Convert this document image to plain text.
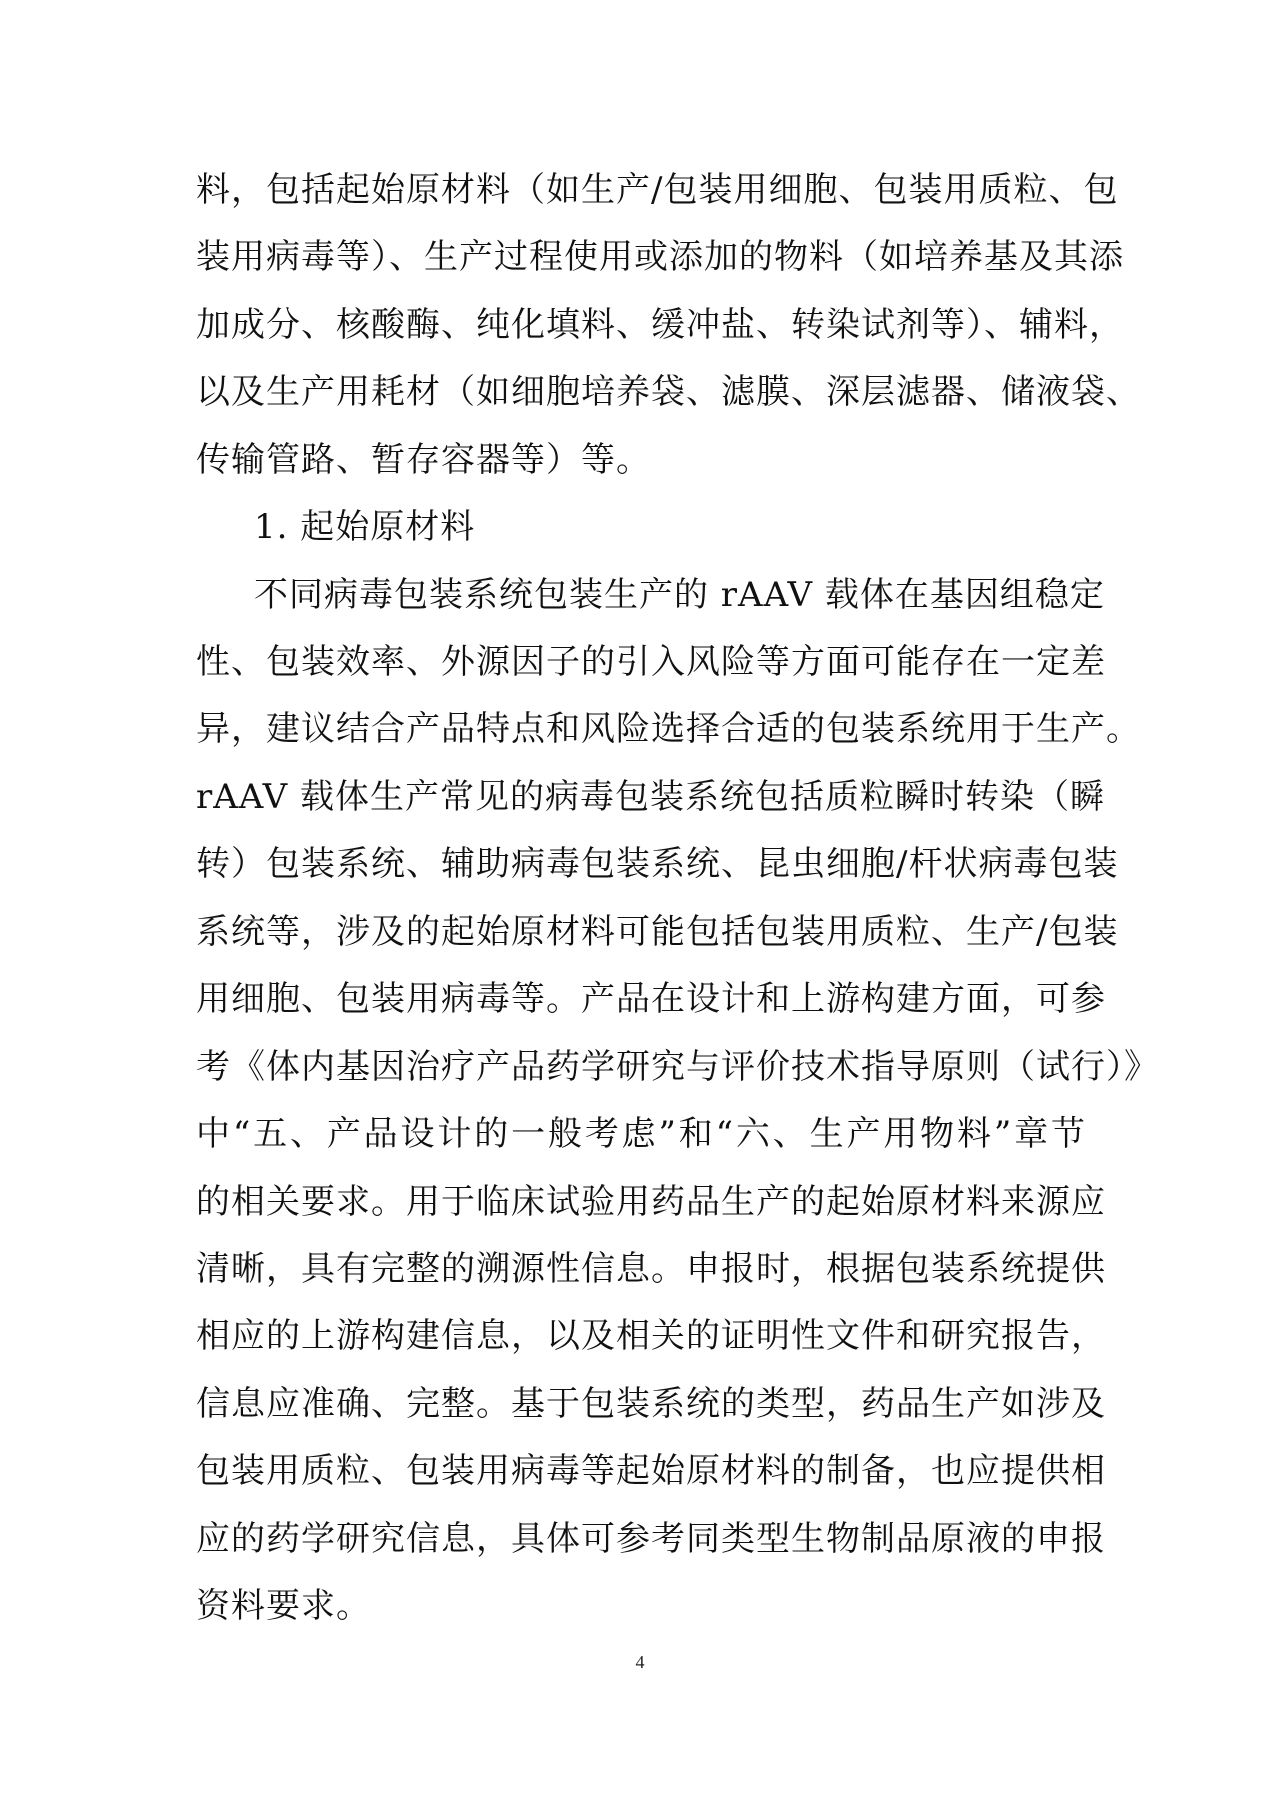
料，包括起始原材料（如生产/包装用细胞、包装用质粒、包
装用病毒等）、生产过程使用或添加的物料（如培养基及其添
加成分、核酸酶、纯化填料、缓冲盐、转染试剂等）、辅料，
以及生产用耗材（如细胞培养袋、滤膜、深层滤器、储液袋、
传输管路、暂存容器等）等。
1. 起始原材料
不同病毒包装系统包装生产的 rAAV 载体在基因组稳定
性、包装效率、外源因子的引入风险等方面可能存在一定差
异，建议结合产品特点和风险选择合适的包装系统用于生产。
rAAV 载体生产常见的病毒包装系统包括质粒瞬时转染（瞬
转）包装系统、辅助病毒包装系统、昆虫细胞/杆状病毒包装
系统等，涉及的起始原材料可能包括包装用质粒、生产/包装
用细胞、包装用病毒等。产品在设计和上游构建方面，可参
考《体内基因治疗产品药学研究与评价技术指导原则（试行）》
中“五、产品设计的一般考虑”和“六、生产用物料”章节
的相关要求。用于临床试验用药品生产的起始原材料来源应
清晰，具有完整的溯源性信息。申报时，根据包装系统提供
相应的上游构建信息，以及相关的证明性文件和研究报告，
信息应准确、完整。基于包装系统的类型，药品生产如涉及
包装用质粒、包装用病毒等起始原材料的制备，也应提供相
应的药学研究信息，具体可参考同类型生物制品原液的申报
资料要求。
4
